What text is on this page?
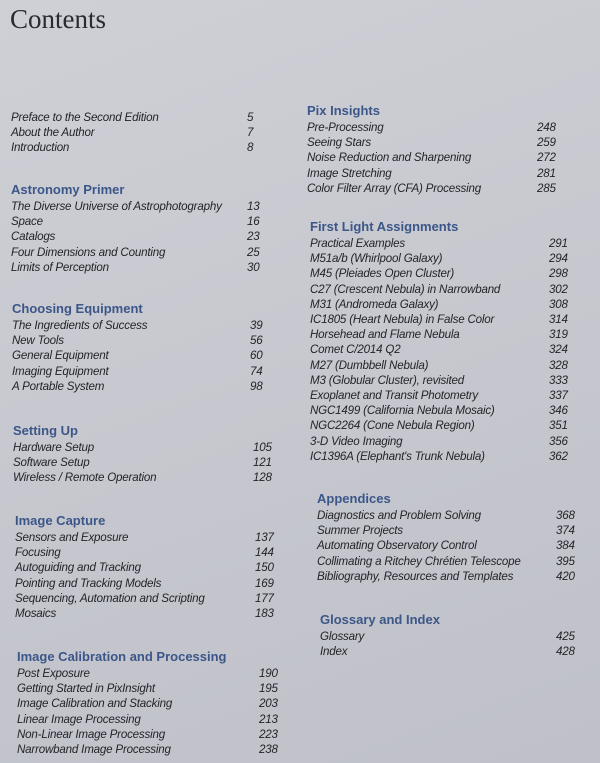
Contents
Preface to the Second Edition	5
About the Author	7
Introduction	8
Astronomy Primer
The Diverse Universe of Astrophotography 13
Space	16
Catalogs	23
Four Dimensions and Counting	25
Limits of Perception	30
Choosing Equipment
The Ingredients of Success	39
New Tools	56
General Equipment	60
Imaging Equipment	74
A Portable System	98
Setting Up
Hardware Setup	105
Software Setup	121
Wireless / Remote Operation	128
Image Capture
Sensors and Exposure	137
Focusing	144
Autoguiding and Tracking	150
Pointing and Tracking Models	169
Sequencing, Automation and Scripting	177
Mosaics	183
Image Calibration and Processing
Post Exposure	190
Getting Started in PixInsight	195
Image Calibration and Stacking	203
Linear Image Processing	213
Non-Linear Image Processing	223
Narrowband Image Processing	238
Pix Insights
Pre-Processing	248
Seeing Stars	259
Noise Reduction and Sharpening	272
Image Stretching	281
Color Filter Array (CFA) Processing	285
First Light Assignments
Practical Examples	291
M51a/b (Whirlpool Galaxy)	294
M45 (Pleiades Open Cluster)	298
C27 (Crescent Nebula) in Narrowband	302
M31 (Andromeda Galaxy)	308
IC1805 (Heart Nebula) in False Color	314
Horsehead and Flame Nebula	319
Comet C/2014 Q2	324
M27 (Dumbbell Nebula)	328
M3 (Globular Cluster), revisited	333
Exoplanet and Transit Photometry	337
NGC1499 (California Nebula Mosaic)	346
NGC2264 (Cone Nebula Region)	351
3-D Video Imaging	356
IC1396A (Elephant's Trunk Nebula)	362
Appendices
Diagnostics and Problem Solving	368
Summer Projects	374
Automating Observatory Control	384
Collimating a Ritchey Chrétien Telescope	395
Bibliography, Resources and Templates	420
Glossary and Index
Glossary	425
Index	428
